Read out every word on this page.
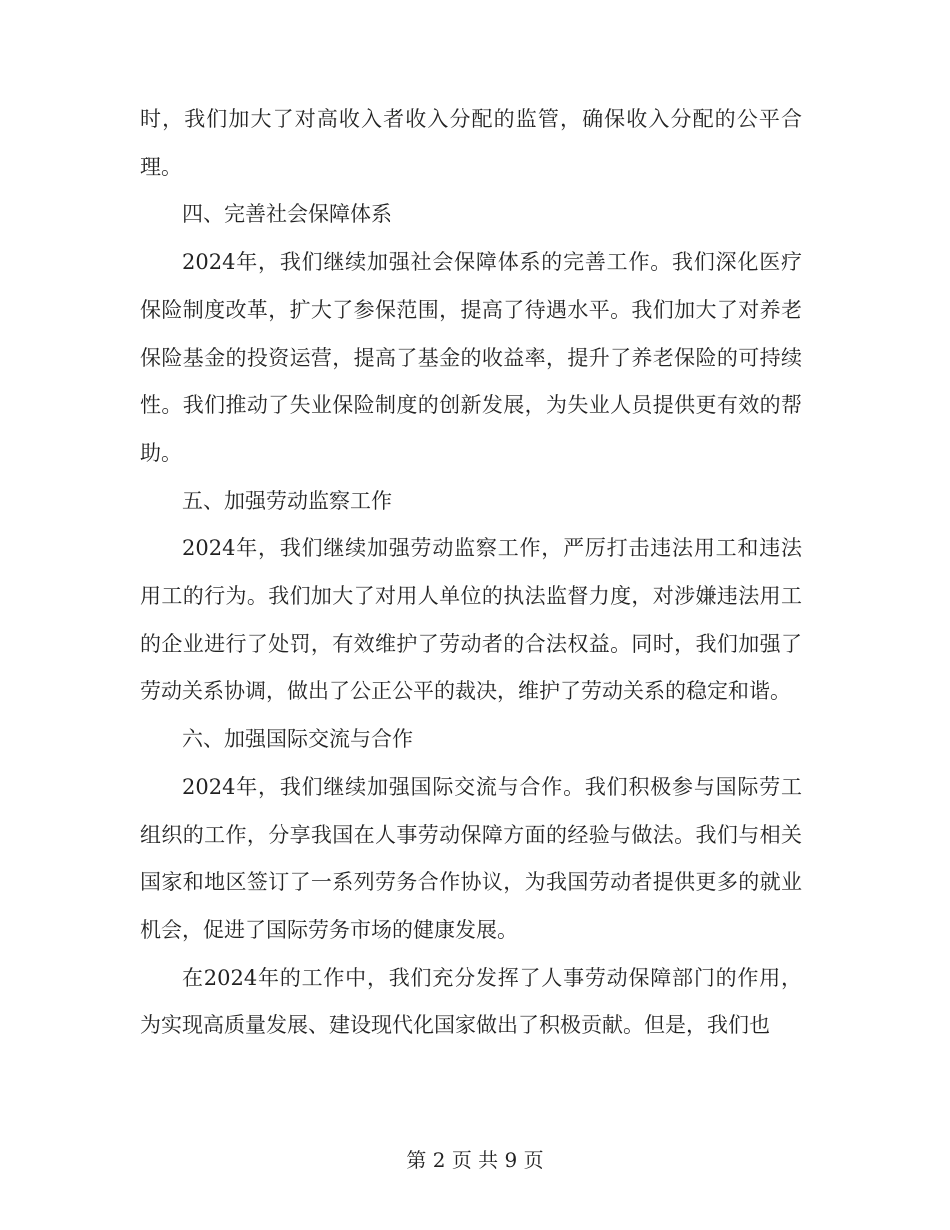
时，我们加大了对高收入者收入分配的监管，确保收入分配的公平合理。

四、完善社会保障体系

2024年，我们继续加强社会保障体系的完善工作。我们深化医疗保险制度改革，扩大了参保范围，提高了待遇水平。我们加大了对养老保险基金的投资运营，提高了基金的收益率，提升了养老保险的可持续性。我们推动了失业保险制度的创新发展，为失业人员提供更有效的帮助。

五、加强劳动监察工作

2024年，我们继续加强劳动监察工作，严厉打击违法用工和违法用工的行为。我们加大了对用人单位的执法监督力度，对涉嫌违法用工的企业进行了处罚，有效维护了劳动者的合法权益。同时，我们加强了劳动关系协调，做出了公正公平的裁决，维护了劳动关系的稳定和谐。

六、加强国际交流与合作

2024年，我们继续加强国际交流与合作。我们积极参与国际劳工组织的工作，分享我国在人事劳动保障方面的经验与做法。我们与相关国家和地区签订了一系列劳务合作协议，为我国劳动者提供更多的就业机会，促进了国际劳务市场的健康发展。

在2024年的工作中，我们充分发挥了人事劳动保障部门的作用，为实现高质量发展、建设现代化国家做出了积极贡献。但是，我们也

第 2 页 共 9 页
